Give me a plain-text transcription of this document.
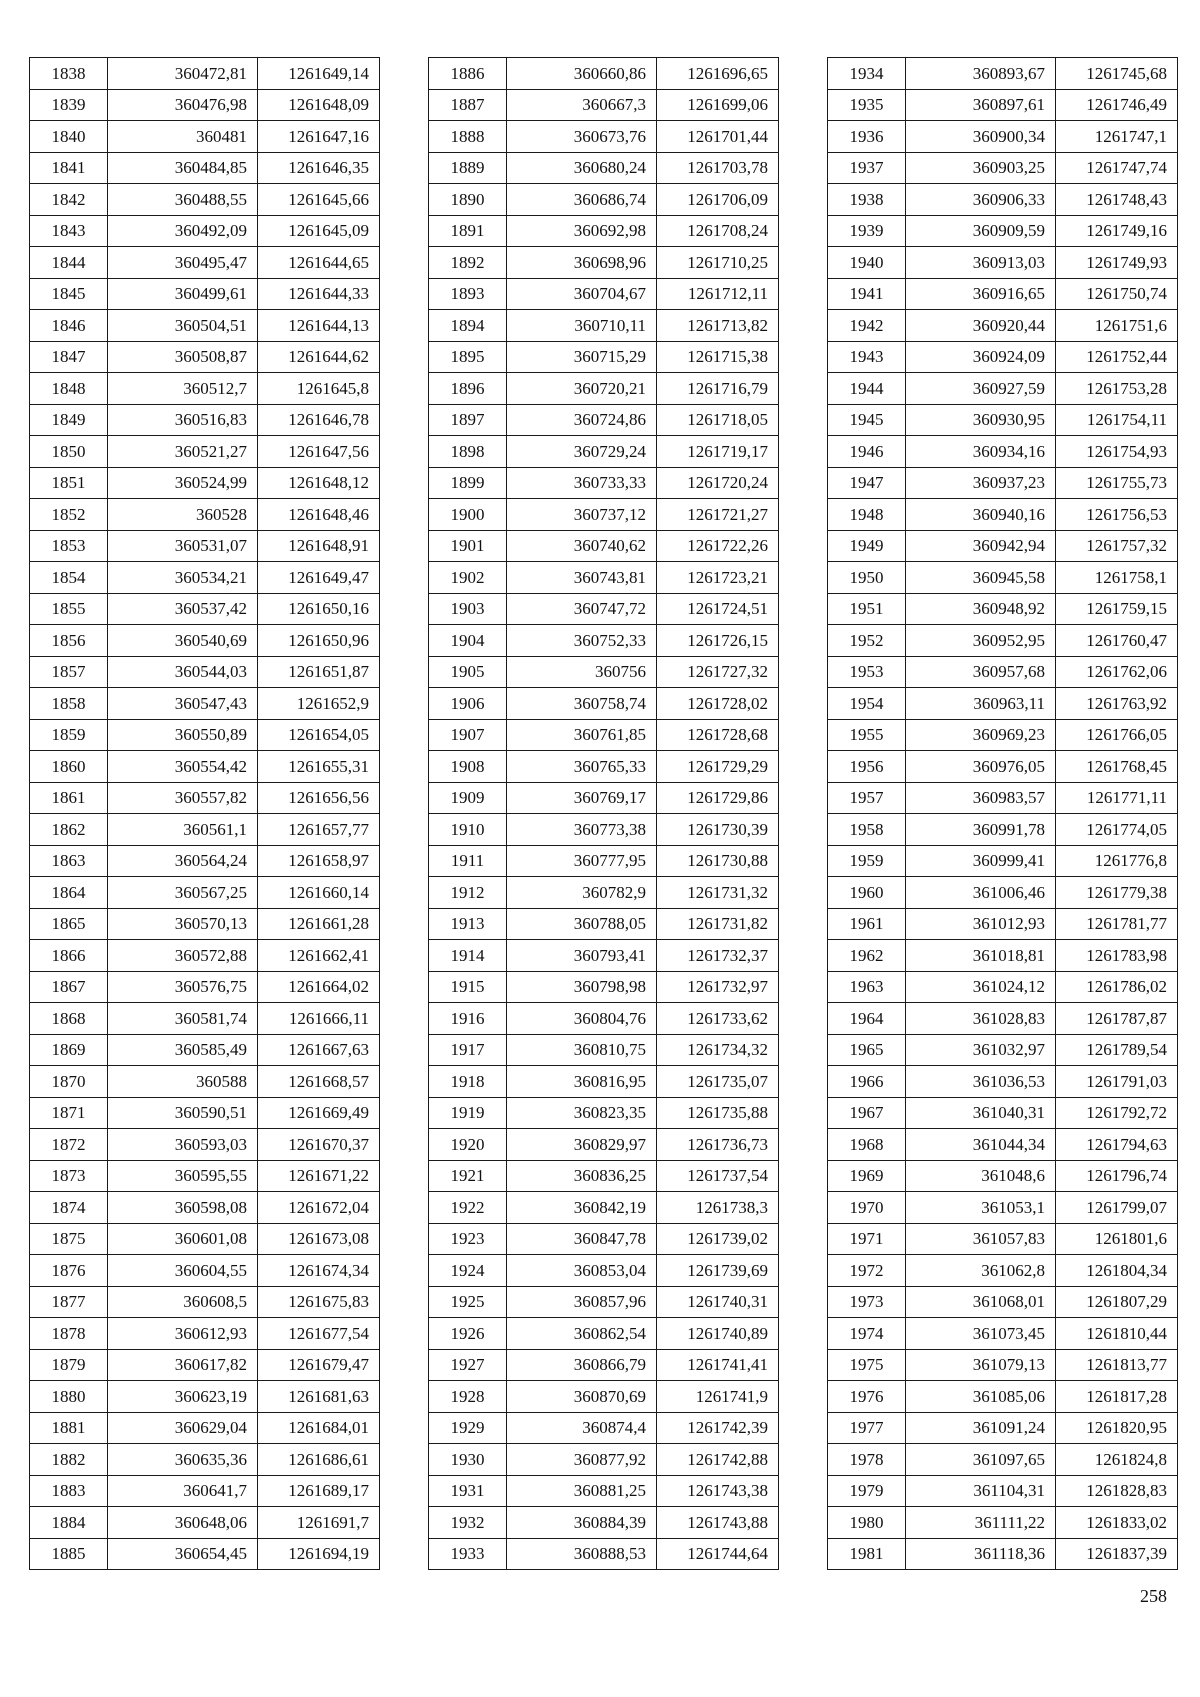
1838	360472,81	1261649,14
1839	360476,98	1261648,09
1840	360481	1261647,16
1841	360484,85	1261646,35
1842	360488,55	1261645,66
1843	360492,09	1261645,09
1844	360495,47	1261644,65
1845	360499,61	1261644,33
1846	360504,51	1261644,13
1847	360508,87	1261644,62
1848	360512,7	1261645,8
1849	360516,83	1261646,78
1850	360521,27	1261647,56
1851	360524,99	1261648,12
1852	360528	1261648,46
1853	360531,07	1261648,91
1854	360534,21	1261649,47
1855	360537,42	1261650,16
1856	360540,69	1261650,96
1857	360544,03	1261651,87
1858	360547,43	1261652,9
1859	360550,89	1261654,05
1860	360554,42	1261655,31
1861	360557,82	1261656,56
1862	360561,1	1261657,77
1863	360564,24	1261658,97
1864	360567,25	1261660,14
1865	360570,13	1261661,28
1866	360572,88	1261662,41
1867	360576,75	1261664,02
1868	360581,74	1261666,11
1869	360585,49	1261667,63
1870	360588	1261668,57
1871	360590,51	1261669,49
1872	360593,03	1261670,37
1873	360595,55	1261671,22
1874	360598,08	1261672,04
1875	360601,08	1261673,08
1876	360604,55	1261674,34
1877	360608,5	1261675,83
1878	360612,93	1261677,54
1879	360617,82	1261679,47
1880	360623,19	1261681,63
1881	360629,04	1261684,01
1882	360635,36	1261686,61
1883	360641,7	1261689,17
1884	360648,06	1261691,7
1885	360654,45	1261694,19
1886	360660,86	1261696,65
1887	360667,3	1261699,06
1888	360673,76	1261701,44
1889	360680,24	1261703,78
1890	360686,74	1261706,09
1891	360692,98	1261708,24
1892	360698,96	1261710,25
1893	360704,67	1261712,11
1894	360710,11	1261713,82
1895	360715,29	1261715,38
1896	360720,21	1261716,79
1897	360724,86	1261718,05
1898	360729,24	1261719,17
1899	360733,33	1261720,24
1900	360737,12	1261721,27
1901	360740,62	1261722,26
1902	360743,81	1261723,21
1903	360747,72	1261724,51
1904	360752,33	1261726,15
1905	360756	1261727,32
1906	360758,74	1261728,02
1907	360761,85	1261728,68
1908	360765,33	1261729,29
1909	360769,17	1261729,86
1910	360773,38	1261730,39
1911	360777,95	1261730,88
1912	360782,9	1261731,32
1913	360788,05	1261731,82
1914	360793,41	1261732,37
1915	360798,98	1261732,97
1916	360804,76	1261733,62
1917	360810,75	1261734,32
1918	360816,95	1261735,07
1919	360823,35	1261735,88
1920	360829,97	1261736,73
1921	360836,25	1261737,54
1922	360842,19	1261738,3
1923	360847,78	1261739,02
1924	360853,04	1261739,69
1925	360857,96	1261740,31
1926	360862,54	1261740,89
1927	360866,79	1261741,41
1928	360870,69	1261741,9
1929	360874,4	1261742,39
1930	360877,92	1261742,88
1931	360881,25	1261743,38
1932	360884,39	1261743,88
1933	360888,53	1261744,64
1934	360893,67	1261745,68
1935	360897,61	1261746,49
1936	360900,34	1261747,1
1937	360903,25	1261747,74
1938	360906,33	1261748,43
1939	360909,59	1261749,16
1940	360913,03	1261749,93
1941	360916,65	1261750,74
1942	360920,44	1261751,6
1943	360924,09	1261752,44
1944	360927,59	1261753,28
1945	360930,95	1261754,11
1946	360934,16	1261754,93
1947	360937,23	1261755,73
1948	360940,16	1261756,53
1949	360942,94	1261757,32
1950	360945,58	1261758,1
1951	360948,92	1261759,15
1952	360952,95	1261760,47
1953	360957,68	1261762,06
1954	360963,11	1261763,92
1955	360969,23	1261766,05
1956	360976,05	1261768,45
1957	360983,57	1261771,11
1958	360991,78	1261774,05
1959	360999,41	1261776,8
1960	361006,46	1261779,38
1961	361012,93	1261781,77
1962	361018,81	1261783,98
1963	361024,12	1261786,02
1964	361028,83	1261787,87
1965	361032,97	1261789,54
1966	361036,53	1261791,03
1967	361040,31	1261792,72
1968	361044,34	1261794,63
1969	361048,6	1261796,74
1970	361053,1	1261799,07
1971	361057,83	1261801,6
1972	361062,8	1261804,34
1973	361068,01	1261807,29
1974	361073,45	1261810,44
1975	361079,13	1261813,77
1976	361085,06	1261817,28
1977	361091,24	1261820,95
1978	361097,65	1261824,8
1979	361104,31	1261828,83
1980	361111,22	1261833,02
1981	361118,36	1261837,39
258
